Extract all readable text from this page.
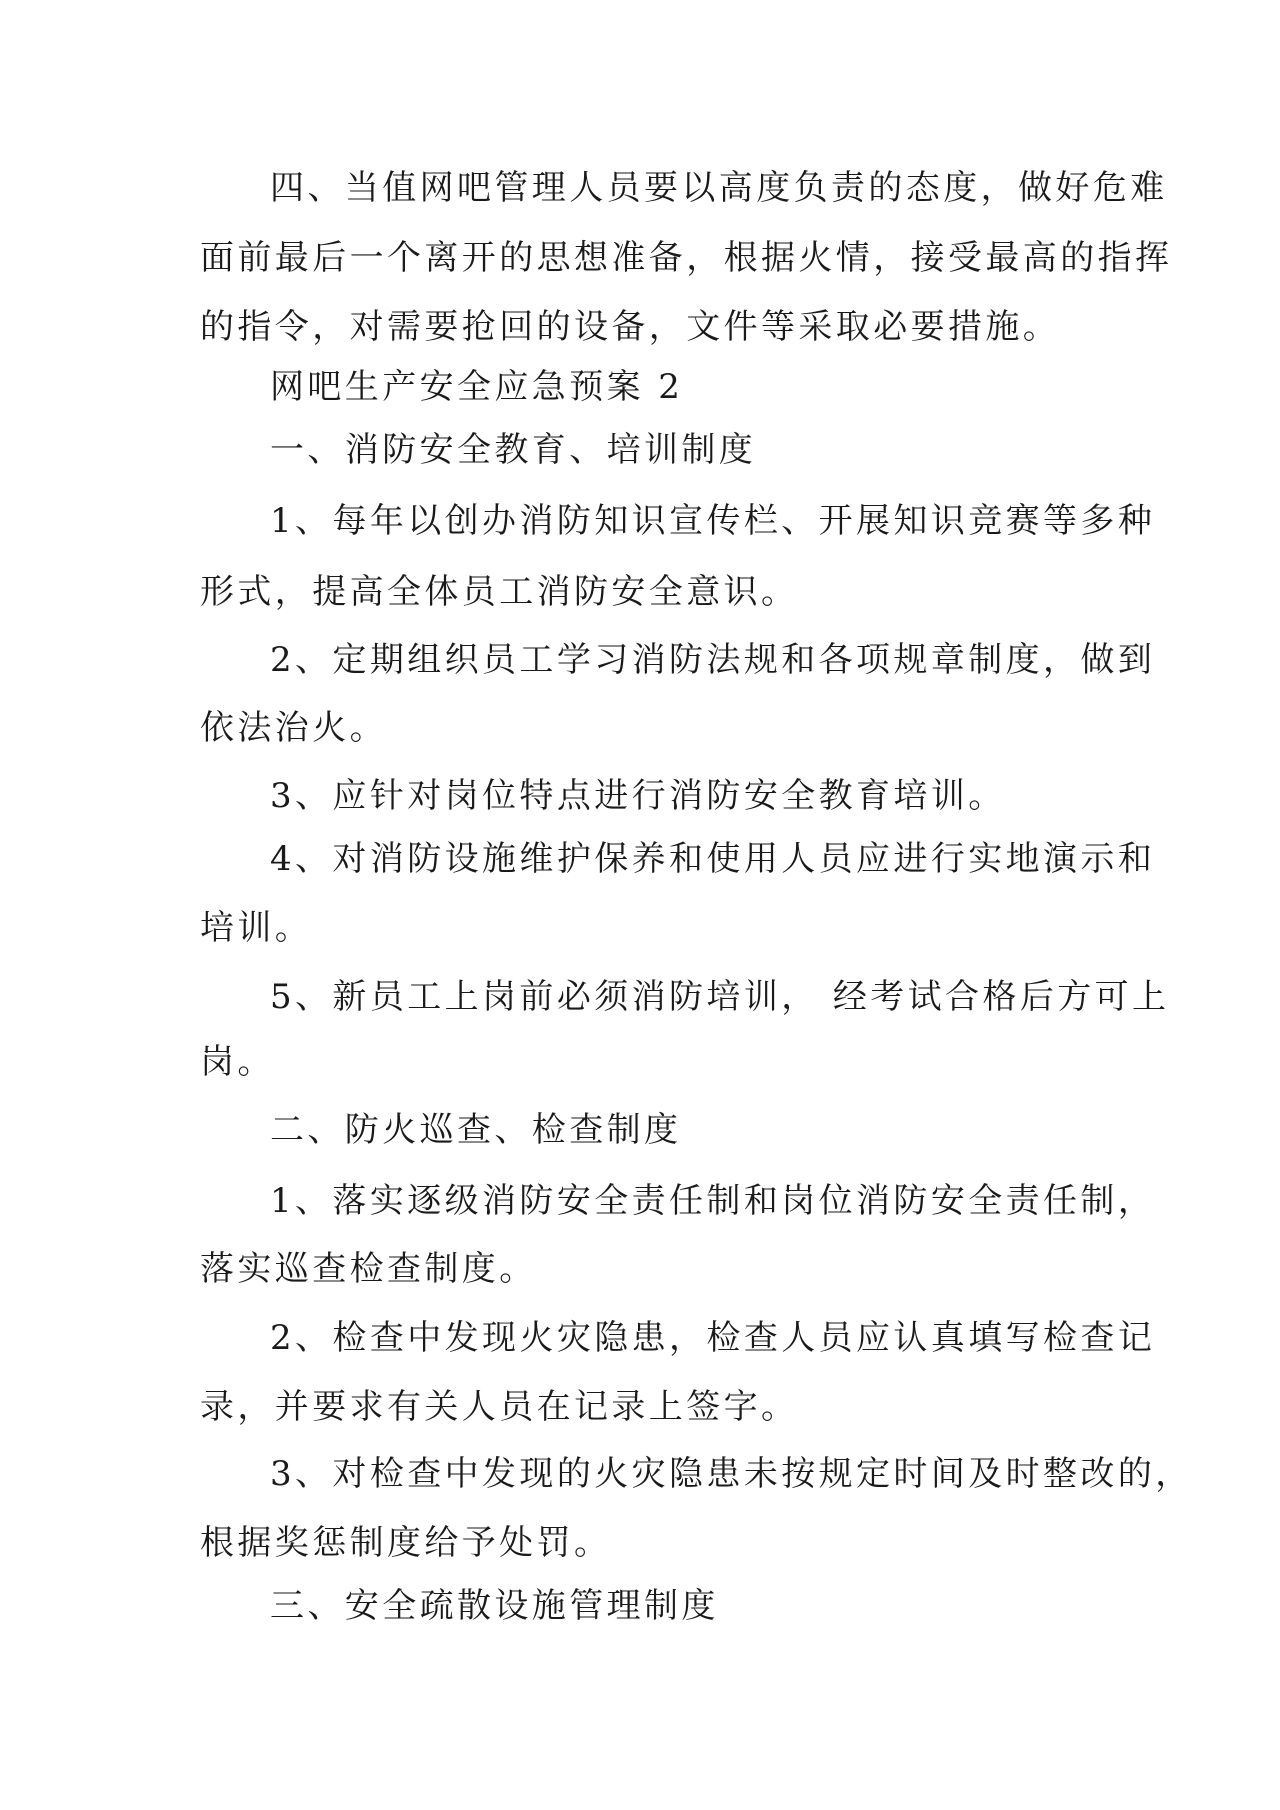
四、当值网吧管理人员要以高度负责的态度，做好危难
面前最后一个离开的思想准备，根据火情，接受最高的指挥
的指令，对需要抢回的设备，文件等采取必要措施。
网吧生产安全应急预案 2
一、消防安全教育、培训制度
1、每年以创办消防知识宣传栏、开展知识竞赛等多种
形式，提高全体员工消防安全意识。
2、定期组织员工学习消防法规和各项规章制度，做到
依法治火。
3、应针对岗位特点进行消防安全教育培训。
4、对消防设施维护保养和使用人员应进行实地演示和
培训。
5、新员工上岗前必须消防培训， 经考试合格后方可上
岗。
二、防火巡查、检查制度
1、落实逐级消防安全责任制和岗位消防安全责任制，
落实巡查检查制度。
2、检查中发现火灾隐患，检查人员应认真填写检查记
录，并要求有关人员在记录上签字。
3、对检查中发现的火灾隐患未按规定时间及时整改的，
根据奖惩制度给予处罚。
三、安全疏散设施管理制度
